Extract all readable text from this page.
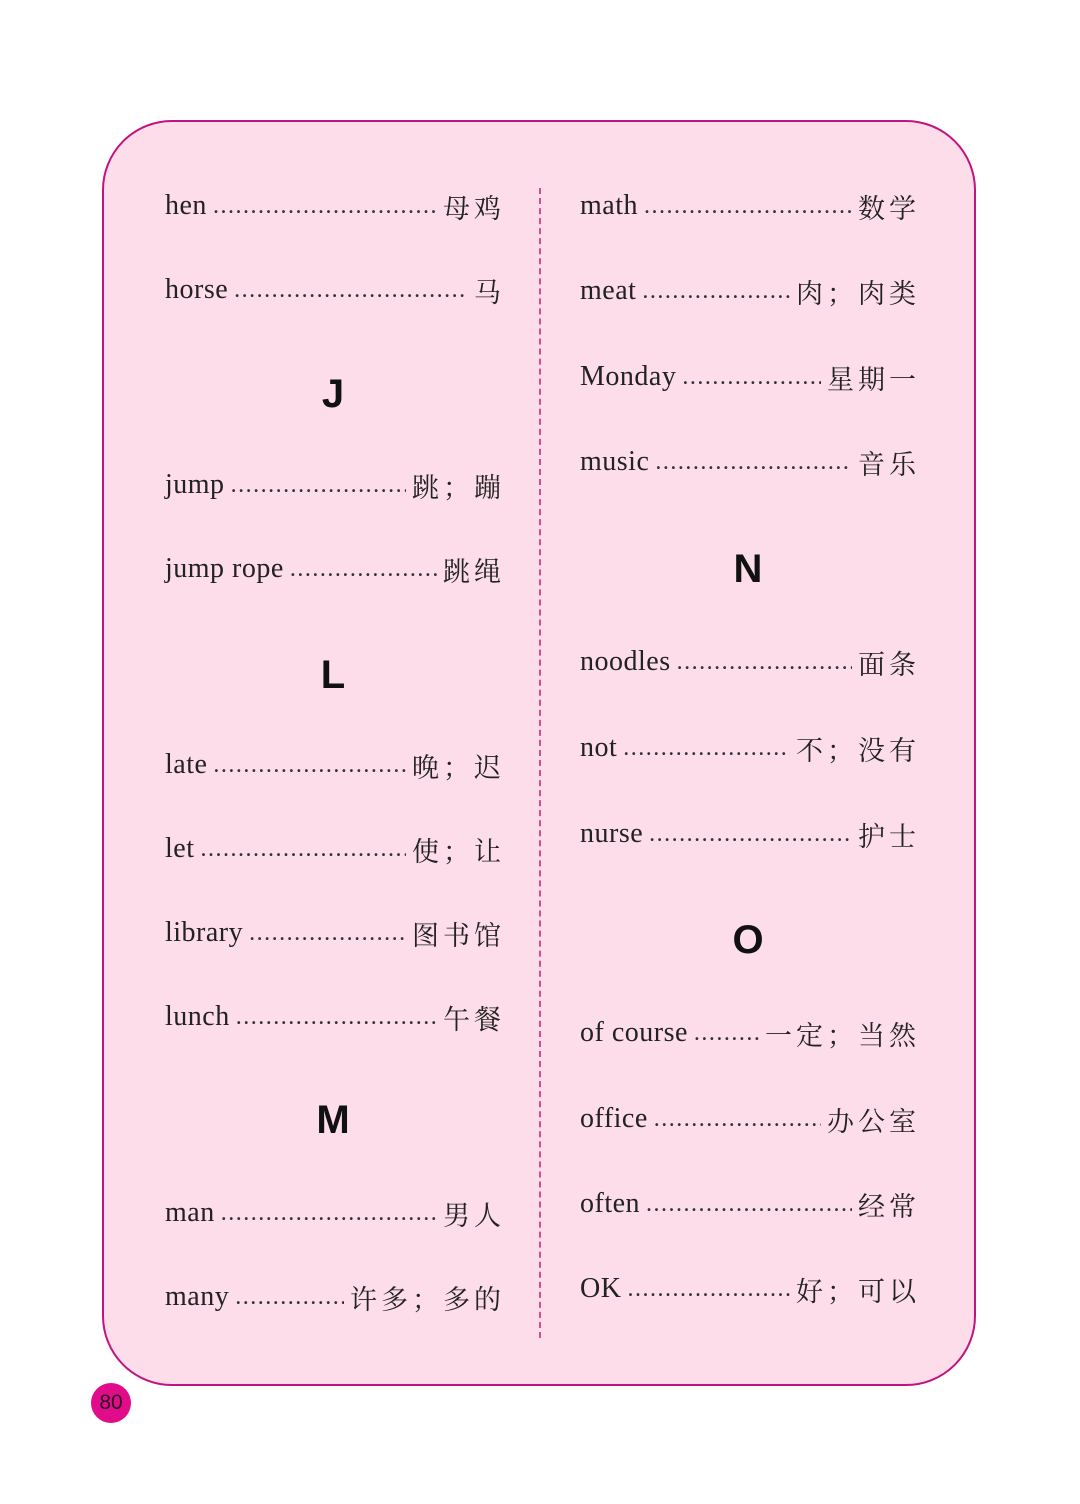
hen .....	母鸡
horse .....	马
J
jump .....	跳；蹦
jump rope .....	跳绳
L
late .....	晚；迟
let .....	使；让
library .....	图书馆
lunch .....	午餐
M
man .....	男人
many .....	许多；多的
math .....	数学
meat .....	肉；肉类
Monday .....	星期一
music .....	音乐
N
noodles .....	面条
not .....	不；没有
nurse .....	护士
O
of course .....	一定；当然
office .....	办公室
often .....	经常
OK .....	好；可以
80
